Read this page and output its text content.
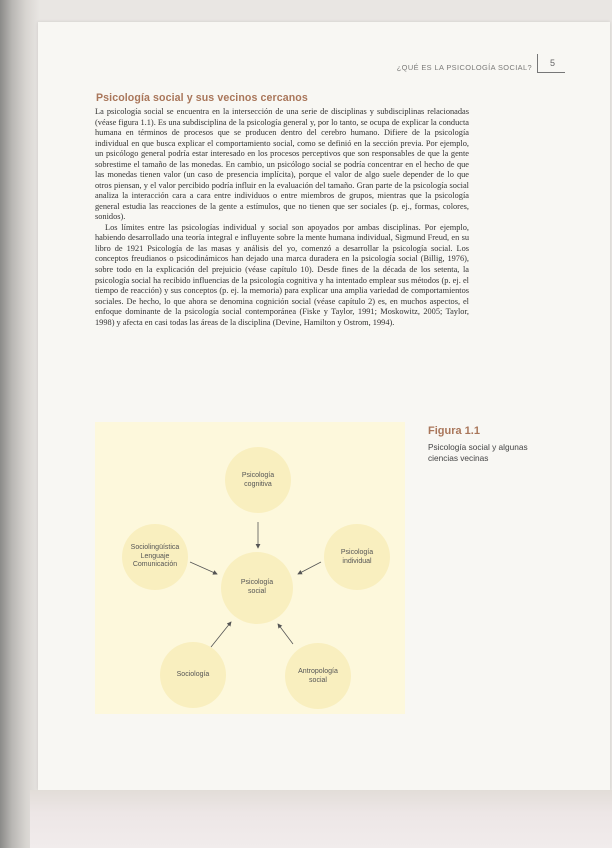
¿QUÉ ES LA PSICOLOGÍA SOCIAL? 5
Psicología social y sus vecinos cercanos

La psicología social se encuentra en la intersección de una serie de disciplinas y subdisciplinas relacionadas (véase figura 1.1). Es una subdisciplina de la psicología general y, por lo tanto, se ocupa de explicar la conducta humana en términos de procesos que se producen dentro del cerebro humano. Difiere de la psicología individual en que busca explicar el comportamiento social, como se definió en la sección previa. Por ejemplo, un psicólogo general podría estar interesado en los procesos perceptivos que son responsables de que la gente sobrestime el tamaño de las monedas. En cambio, un psicólogo social se podría concentrar en el hecho de que las monedas tienen valor (un caso de presencia implícita), porque el valor de algo suele depender de lo que otros piensan, y el valor percibido podría influir en la evaluación del tamaño. Gran parte de la psicología social analiza la interacción cara a cara entre individuos o entre miembros de grupos, mientras que la psicología general estudia las reacciones de la gente a estímulos, que no tienen que ser sociales (p. ej., formas, colores, sonidos).

Los límites entre las psicologías individual y social son apoyados por ambas disciplinas. Por ejemplo, habiendo desarrollado una teoría integral e influyente sobre la mente humana individual, Sigmund Freud, en su libro de 1921 Psicología de las masas y análisis del yo, comenzó a desarrollar la psicología social. Los conceptos freudianos o psicodinámicos han dejado una marca duradera en la psicología social (Billig, 1976), sobre todo en la explicación del prejuicio (véase capítulo 10). Desde fines de la década de los setenta, la psicología social ha recibido influencias de la psicología cognitiva y ha intentado emplear sus métodos (p. ej. el tiempo de reacción) y sus conceptos (p. ej. la memoria) para explicar una amplia variedad de comportamientos sociales. De hecho, lo que ahora se denomina cognición social (véase capítulo 2) es, en muchos aspectos, el enfoque dominante de la psicología social contemporánea (Fiske y Taylor, 1991; Moskowitz, 2005; Taylor, 1998) y afecta en casi todas las áreas de la disciplina (Devine, Hamilton y Ostrom, 1994).

Psicología
social
Psicología
cognitiva
Psicología
individual
Antropología
social
Sociología
Sociolingüística
Lenguaje
Comunicación
Figura 1.1
Psicología social y algunas ciencias vecinas
